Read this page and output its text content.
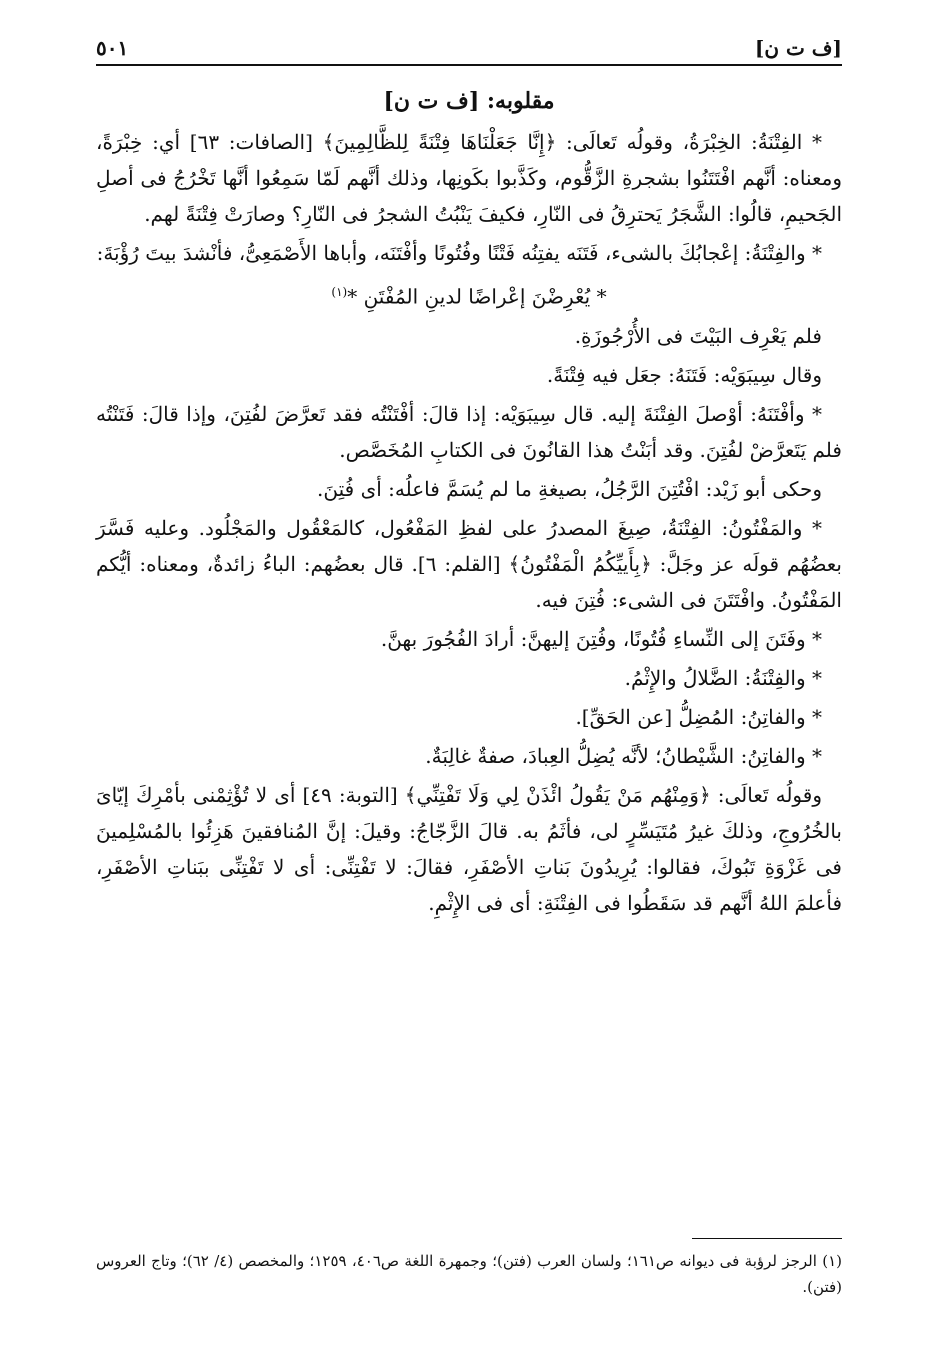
[ف ت ن]
٥٠١
مقلوبه: [ف ت ن]

* الفِتْنَةُ: الخِبْرَةُ، وقولُه تَعالَى: ﴿إِنَّا جَعَلْنَاهَا فِتْنَةً لِلظَّالِمِينَ﴾ [الصافات: ٦٣] أي: خِبْرَةً، ومعناه: أنَّهم افْتَتَنُوا بشجرةِ الزَّقُّوم، وكَذَّبوا بكَونِها، وذلك أنَّهم لَمّا سَمِعُوا أنَّها تَخْرُجُ فى أصلِ الجَحيمِ، قالُوا: الشَّجَرُ يَحترِقُ فى النّارِ، فكيفَ يَنْبُتُ الشجرُ فى النّارِ؟ وصارَتْ فِتْنَةً لهم.

* والفِتْنَةُ: إعْجابُكَ بالشىء، فَتَنَه يفتِنُه فَتْنًا وفُتُونًا وأفْتَنَه، وأباها الأَصْمَعِىُّ، فأنْشدَ بيتَ رُؤْبَةَ:

* يُعْرِضْنَ إعْراضًا لدينِ المُفْتَنِ *$^{(١)}$

فلم يَعْرِف البَيْتَ فى الأُرْجُوزَةِ.

وقال سِيبَوَيْه: فَتَنَهُ: جعَل فيه فِتْنَةً.

* وأفْتَنَهُ: أوْصلَ الفِتْنَةَ إليه. قال سِيبَوَيْه: إذا قالَ: أفْتَنْتُه فقد تَعرَّضَ لفُتِنَ، وإذا قالَ: فَتَنْتُه فلم يَتَعرَّضْ لفُتِنَ. وقد أبَنْتُ هذا القانُونَ فى الكتابِ المُخَصَّص.

وحكى أبو زَيْد: افْتُتِنَ الرَّجُلُ، بصيغةِ ما لم يُسَمَّ فاعلُه: أى فُتِنَ.

* والمَفْتُونُ: الفِتْنَةُ، صِيغَ المصدرُ على لفظِ المَفْعُول، كالمَعْقُول والمَجْلُود. وعليه فَسَّرَ بعضُهُم قولَه عز وجَلَّ: ﴿بِأَييِّكُمُ الْمَفْتُونُ﴾ [القلم: ٦]. قال بعضُهم: الباءُ زائدةٌ، ومعناه: أيُّكم المَفْتُونُ. وافْتَتَنَ فى الشىء: فُتِنَ فيه.

* وفَتَنَ إلى النِّساءِ فُتُونًا، وفُتِنَ إليهنَّ: أرادَ الفُجُورَ بهنَّ.

* والفِتْنَةُ: الضَّلالُ والإِثْمُ.

* والفاتِنُ: المُضِلُّ [عن الحَقِّ].

* والفاتِنُ: الشَّيْطانُ؛ لأنَّه يُضِلُّ العِبادَ، صفةٌ غالِبَةٌ.

وقولُه تَعالَى: ﴿وَمِنْهُم مَنْ يَقُولُ ائْذَنْ لِي وَلَا تَفْتِنِّي﴾ [التوبة: ٤٩] أى لا تُؤْثِمْنى بأمْرِكَ إيّاىَ بالخُرُوجِ، وذلكَ غيرُ مُتَيَسِّرٍ لى، فأثَمُ به. قالَ الزَّجّاجُ: وقيلَ: إنَّ المُنافقينَ هَزِئُوا بالمُسْلِمينَ فى غَزْوَةِ تَبُوكَ، فقالوا: يُرِيدُونَ بَناتِ الأصْفَرِ، فقالَ: لا تَفْتِنِّى: أى لا تَفْتِنِّى ببَناتِ الأصْفَرِ، فأعلمَ اللهُ أنَّهم قد سَقَطُوا فى الفِتْنَةِ: أى فى الإِثْمِ.

(١) الرجز لرؤبة فى ديوانه ص١٦١؛ ولسان العرب (فتن)؛ وجمهرة اللغة ص٤٠٦، ١٢٥٩؛ والمخصص (٤/ ٦٢)؛ وتاج العروس (فتن).
